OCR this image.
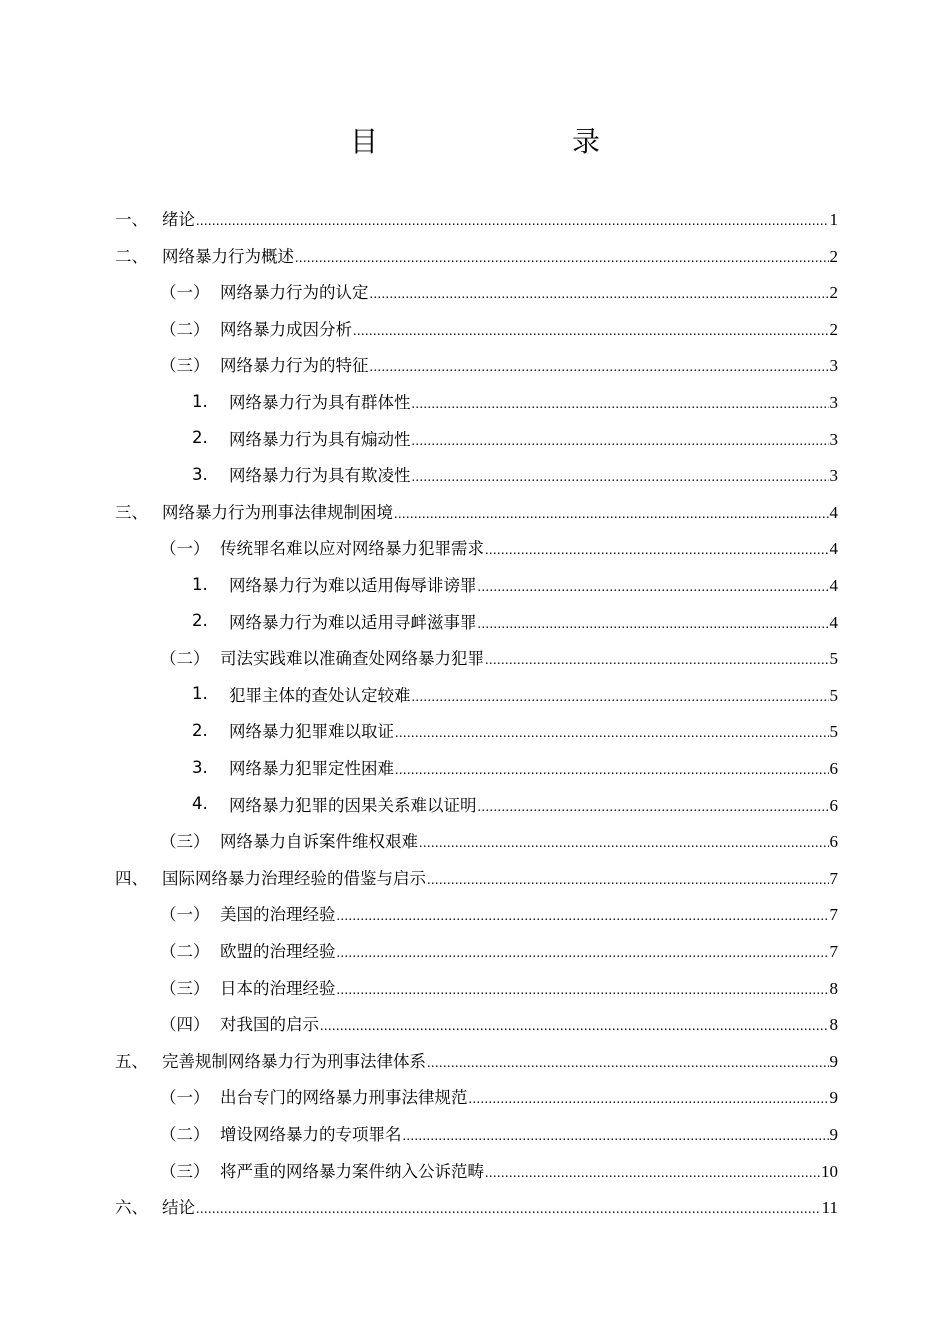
目　　录
一、 绪论 .....	1
二、 网络暴力行为概述 .....	2
（一） 网络暴力行为的认定 .....	2
（二） 网络暴力成因分析 .....	2
（三） 网络暴力行为的特征 .....	3
1. 网络暴力行为具有群体性 .....	3
2. 网络暴力行为具有煽动性 .....	3
3. 网络暴力行为具有欺凌性 .....	3
三、 网络暴力行为刑事法律规制困境 .....	4
（一） 传统罪名难以应对网络暴力犯罪需求 .....	4
1. 网络暴力行为难以适用侮辱诽谤罪 .....	4
2. 网络暴力行为难以适用寻衅滋事罪 .....	4
（二） 司法实践难以准确查处网络暴力犯罪 .....	5
1. 犯罪主体的查处认定较难 .....	5
2. 网络暴力犯罪难以取证 .....	5
3. 网络暴力犯罪定性困难 .....	6
4. 网络暴力犯罪的因果关系难以证明 .....	6
（三） 网络暴力自诉案件维权艰难 .....	6
四、 国际网络暴力治理经验的借鉴与启示 .....	7
（一） 美国的治理经验 .....	7
（二） 欧盟的治理经验 .....	7
（三） 日本的治理经验 .....	8
（四） 对我国的启示 .....	8
五、 完善规制网络暴力行为刑事法律体系 .....	9
（一） 出台专门的网络暴力刑事法律规范 .....	9
（二） 增设网络暴力的专项罪名 .....	9
（三） 将严重的网络暴力案件纳入公诉范畴 .....	10
六、 结论 .....	11
